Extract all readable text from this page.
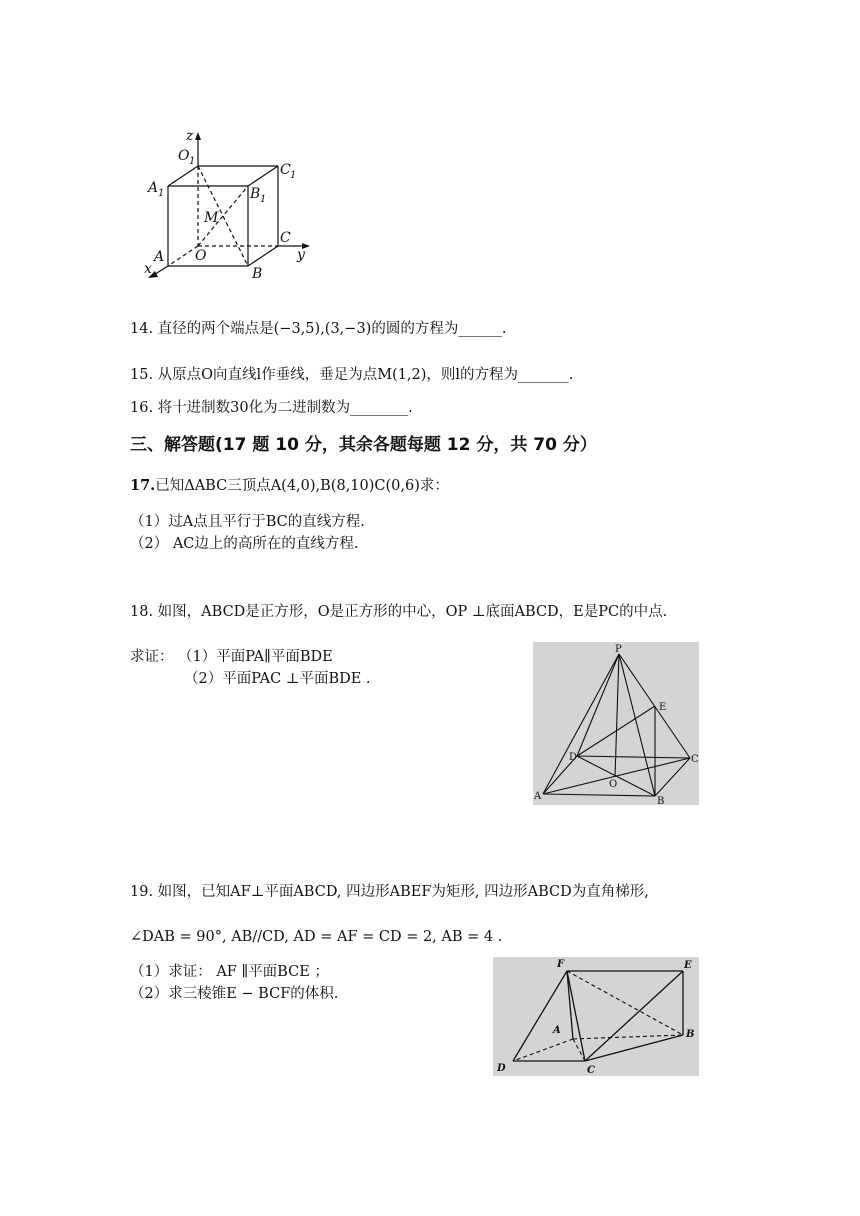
z
O 1
C 1
A 1	B 1
M
A O
C
x	B
y
14. 直径的两个端点是(−3,5),(3,−3)的圆的方程为______.
15. 从原点O向直线l作垂线，垂足为点M(1,2)，则l的方程为_______.
16. 将十进制数30化为二进制数为________.
三、解答题(17 题 10 分，其余各题每题 12 分，共 70 分）
17.已知ΔABC三顶点A(4,0),B(8,10)C(0,6)求：
（1）过A点且平行于BC的直线方程.
（2） AC边上的高所在的直线方程.
18. 如图，ABCD是正方形，O是正方形的中心，OP ⊥底面ABCD，E是PC的中点.
求证： （1）平面PA∥平面BDE
（2）平面PAC ⊥平面BDE .
P
E
D	C
O
A	B
19. 如图，已知AF⊥平面ABCD, 四边形ABEF为矩形, 四边形ABCD为直角梯形,
∠DAB = 90°, AB//CD, AD = AF = CD = 2, AB = 4 .
（1）求证： AF ∥平面BCE ；
（2）求三棱锥E − BCF的体积.
F	E
A	B
D	C
